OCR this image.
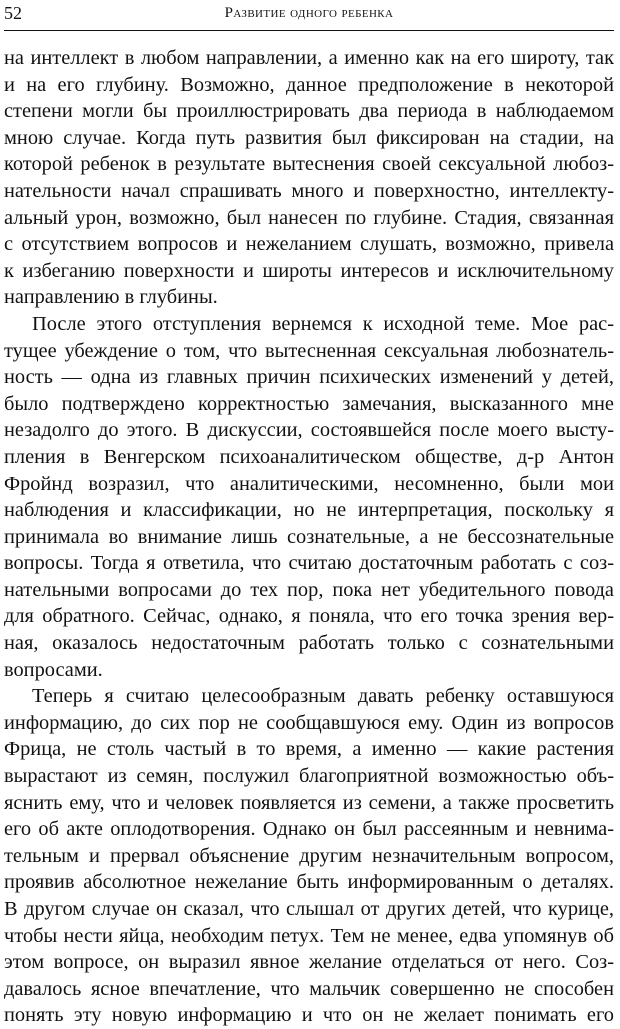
52	Развитие одного ребенка
на интеллект в любом направлении, а именно как на его широту, так
и на его глубину. Возможно, данное предположение в некоторой
степени могли бы проиллюстрировать два периода в наблюдаемом
мною случае. Когда путь развития был фиксирован на стадии, на
которой ребенок в результате вытеснения своей сексуальной любоз-
нательности начал спрашивать много и поверхностно, интеллекту-
альный урон, возможно, был нанесен по глубине. Стадия, связанная
с отсутствием вопросов и нежеланием слушать, возможно, привела
к избеганию поверхности и широты интересов и исключительному
направлению в глубины.
После этого отступления вернемся к исходной теме. Мое рас-
тущее убеждение о том, что вытесненная сексуальная любознатель-
ность — одна из главных причин психических изменений у детей,
было подтверждено корректностью замечания, высказанного мне
незадолго до этого. В дискуссии, состоявшейся после моего высту-
пления в Венгерском психоаналитическом обществе, д-р Антон
Фройнд возразил, что аналитическими, несомненно, были мои
наблюдения и классификации, но не интерпретация, поскольку я
принимала во внимание лишь сознательные, а не бессознательные
вопросы. Тогда я ответила, что считаю достаточным работать с соз-
нательными вопросами до тех пор, пока нет убедительного повода
для обратного. Сейчас, однако, я поняла, что его точка зрения вер-
ная, оказалось недостаточным работать только с сознательными
вопросами.
Теперь я считаю целесообразным давать ребенку оставшуюся
информацию, до сих пор не сообщавшуюся ему. Один из вопросов
Фрица, не столь частый в то время, а именно — какие растения
вырастают из семян, послужил благоприятной возможностью объ-
яснить ему, что и человек появляется из семени, а также просветить
его об акте оплодотворения. Однако он был рассеянным и невнима-
тельным и прервал объяснение другим незначительным вопросом,
проявив абсолютное нежелание быть информированным о деталях.
В другом случае он сказал, что слышал от других детей, что курице,
чтобы нести яйца, необходим петух. Тем не менее, едва упомянув об
этом вопросе, он выразил явное желание отделаться от него. Соз-
давалось ясное впечатление, что мальчик совершенно не способен
понять эту новую информацию и что он не желает понимать его
